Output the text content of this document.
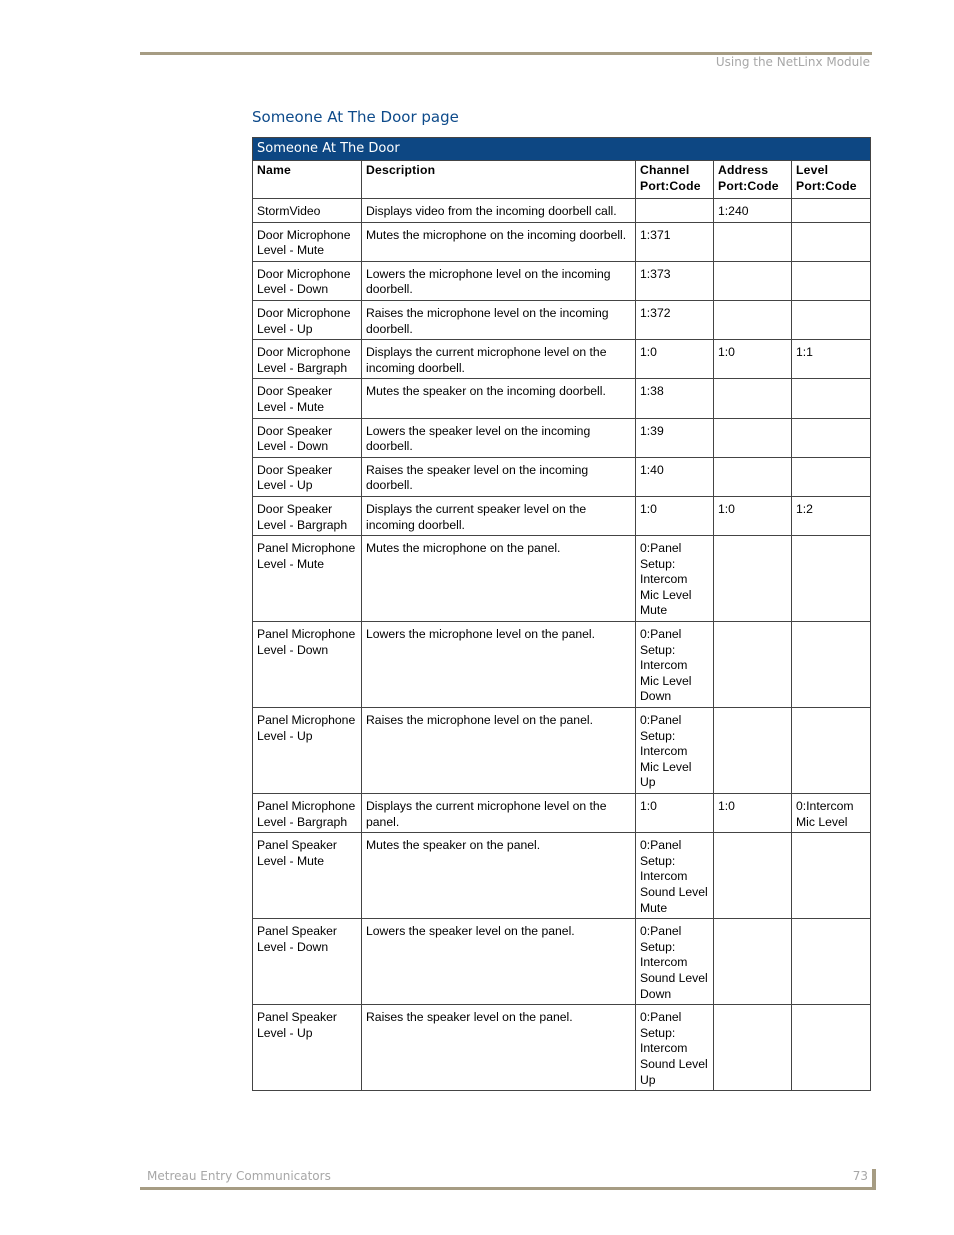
Using the NetLinx Module
Someone At The Door page
Someone At The Door				
Name	Description	Channel Port:Code	Address Port:Code	Level Port:Code
StormVideo	Displays video from the incoming doorbell call.		1:240	
Door Microphone Level - Mute	Mutes the microphone on the incoming doorbell.	1:371		
Door Microphone Level - Down	Lowers the microphone level on the incoming doorbell.	1:373		
Door Microphone Level - Up	Raises the microphone level on the incoming doorbell.	1:372		
Door Microphone Level - Bargraph	Displays the current microphone level on the incoming doorbell.	1:0	1:0	1:1
Door Speaker Level - Mute	Mutes the speaker on the incoming doorbell.	1:38		
Door Speaker Level - Down	Lowers the speaker level on the incoming doorbell.	1:39		
Door Speaker Level - Up	Raises the speaker level on the incoming doorbell.	1:40		
Door Speaker Level - Bargraph	Displays the current speaker level on the incoming doorbell.	1:0	1:0	1:2
Panel Microphone Level - Mute	Mutes the microphone on the panel.	0:Panel Setup: Intercom Mic Level Mute		
Panel Microphone Level - Down	Lowers the microphone level on the panel.	0:Panel Setup: Intercom Mic Level Down		
Panel Microphone Level - Up	Raises the microphone level on the panel.	0:Panel Setup: Intercom Mic Level Up		
Panel Microphone Level - Bargraph	Displays the current microphone level on the panel.	1:0	1:0	0:Intercom Mic Level
Panel Speaker Level - Mute	Mutes the speaker on the panel.	0:Panel Setup: Intercom Sound Level Mute		
Panel Speaker Level - Down	Lowers the speaker level on the panel.	0:Panel Setup: Intercom Sound Level Down		
Panel Speaker Level - Up	Raises the speaker level on the panel.	0:Panel Setup: Intercom Sound Level Up		
Metreau Entry Communicators	73
